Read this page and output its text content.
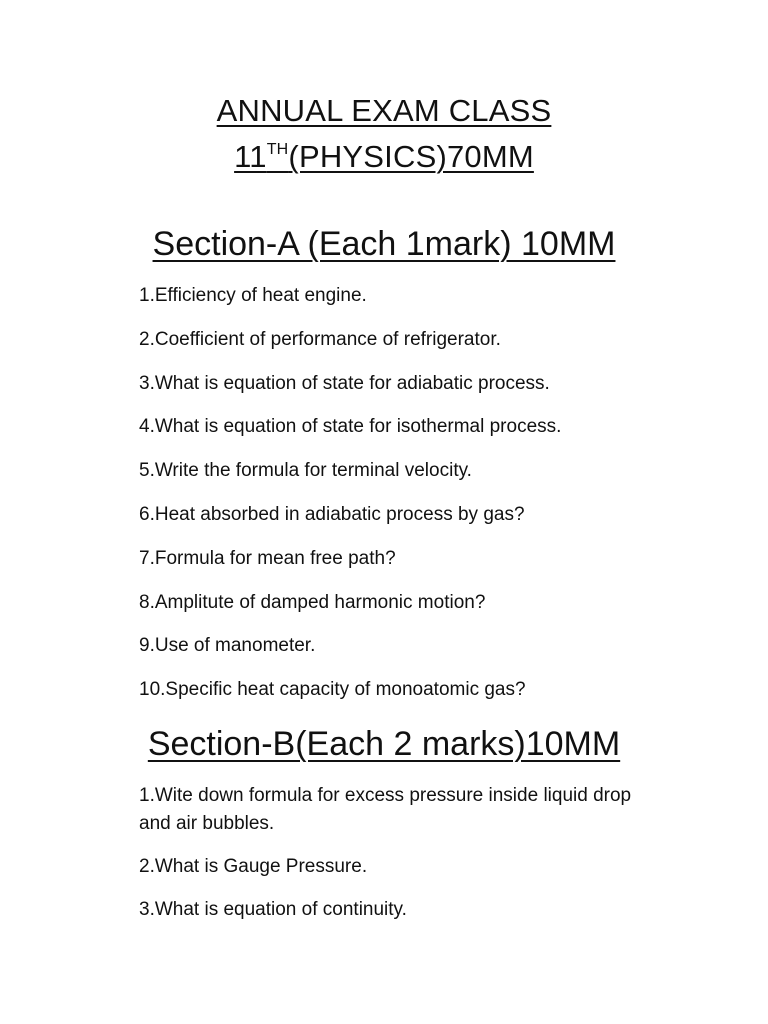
ANNUAL EXAM CLASS
11TH(PHYSICS)70MM
Section-A (Each 1mark) 10MM
1.Efficiency of heat engine.
2.Coefficient of performance of refrigerator.
3.What is equation of state for adiabatic process.
4.What is equation of state for isothermal process.
5.Write the formula for terminal velocity.
6.Heat absorbed in adiabatic process by gas?
7.Formula for mean free path?
8.Amplitute of damped harmonic motion?
9.Use of manometer.
10.Specific heat capacity of monoatomic gas?
Section-B(Each 2 marks)10MM
1.Wite down formula for excess pressure inside liquid drop and air bubbles.
2.What is Gauge Pressure.
3.What is equation of continuity.
